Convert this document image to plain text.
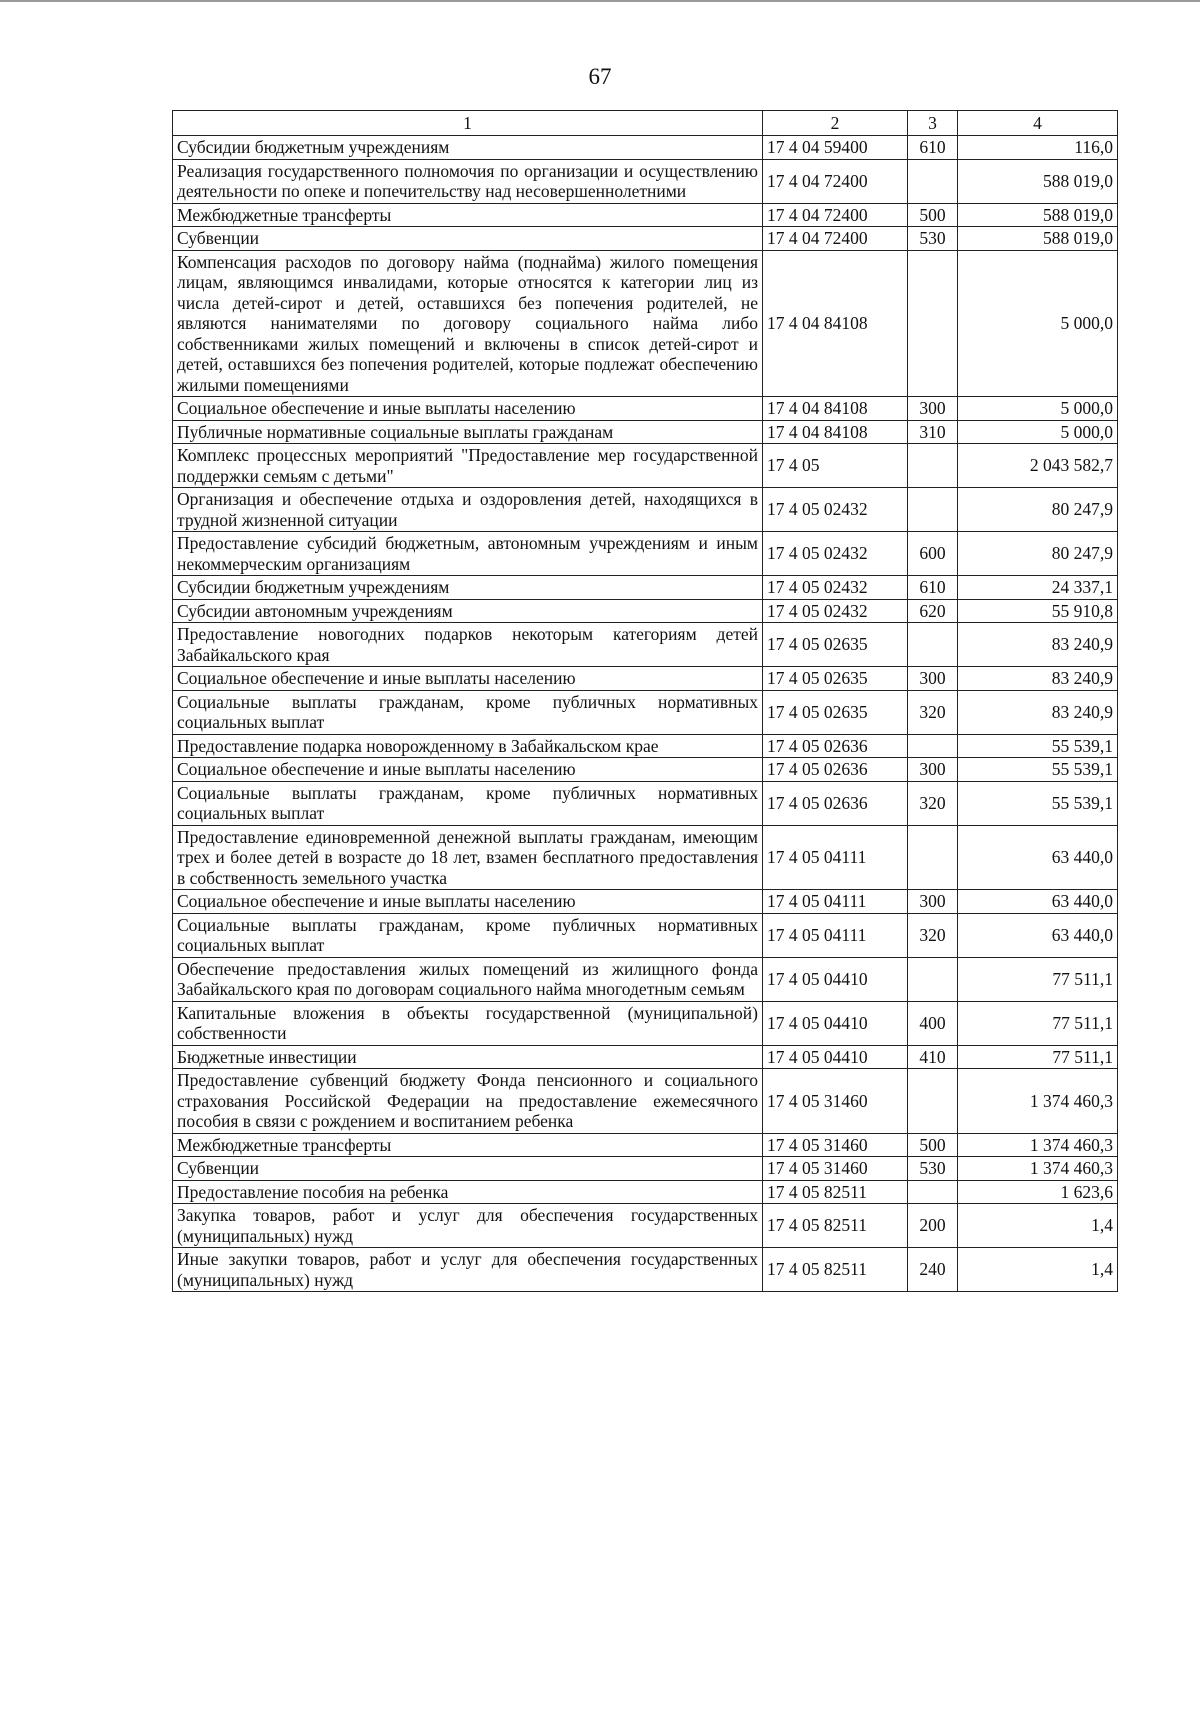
67
1	2	3	4
Субсидии бюджетным учреждениям	17 4 04 59400	610	116,0
Реализация государственного полномочия по организации и осуществлению деятельности по опеке и попечительству над несовершеннолетними	17 4 04 72400		588 019,0
Межбюджетные трансферты	17 4 04 72400	500	588 019,0
Субвенции	17 4 04 72400	530	588 019,0
Компенсация расходов по договору найма (поднайма) жилого помещения лицам, являющимся инвалидами, которые относятся к категории лиц из числа детей-сирот и детей, оставшихся без попечения родителей, не являются нанимателями по договору социального найма либо собственниками жилых помещений и включены в список детей-сирот и детей, оставшихся без попечения родителей, которые подлежат обеспечению жилыми помещениями	17 4 04 84108		5 000,0
Социальное обеспечение и иные выплаты населению	17 4 04 84108	300	5 000,0
Публичные нормативные социальные выплаты гражданам	17 4 04 84108	310	5 000,0
Комплекс процессных мероприятий "Предоставление мер государственной поддержки семьям с детьми"	17 4 05		2 043 582,7
Организация и обеспечение отдыха и оздоровления детей, находящихся в трудной жизненной ситуации	17 4 05 02432		80 247,9
Предоставление субсидий бюджетным, автономным учреждениям и иным некоммерческим организациям	17 4 05 02432	600	80 247,9
Субсидии бюджетным учреждениям	17 4 05 02432	610	24 337,1
Субсидии автономным учреждениям	17 4 05 02432	620	55 910,8
Предоставление новогодних подарков некоторым категориям детей Забайкальского края	17 4 05 02635		83 240,9
Социальное обеспечение и иные выплаты населению	17 4 05 02635	300	83 240,9
Социальные выплаты гражданам, кроме публичных нормативных социальных выплат	17 4 05 02635	320	83 240,9
Предоставление подарка новорожденному в Забайкальском крае	17 4 05 02636		55 539,1
Социальное обеспечение и иные выплаты населению	17 4 05 02636	300	55 539,1
Социальные выплаты гражданам, кроме публичных нормативных социальных выплат	17 4 05 02636	320	55 539,1
Предоставление единовременной денежной выплаты гражданам, имеющим трех и более детей в возрасте до 18 лет, взамен бесплатного предоставления в собственность земельного участка	17 4 05 04111		63 440,0
Социальное обеспечение и иные выплаты населению	17 4 05 04111	300	63 440,0
Социальные выплаты гражданам, кроме публичных нормативных социальных выплат	17 4 05 04111	320	63 440,0
Обеспечение предоставления жилых помещений из жилищного фонда Забайкальского края по договорам социального найма многодетным семьям	17 4 05 04410		77 511,1
Капитальные вложения в объекты государственной (муниципальной) собственности	17 4 05 04410	400	77 511,1
Бюджетные инвестиции	17 4 05 04410	410	77 511,1
Предоставление субвенций бюджету Фонда пенсионного и социального страхования Российской Федерации на предоставление ежемесячного пособия в связи с рождением и воспитанием ребенка	17 4 05 31460		1 374 460,3
Межбюджетные трансферты	17 4 05 31460	500	1 374 460,3
Субвенции	17 4 05 31460	530	1 374 460,3
Предоставление пособия на ребенка	17 4 05 82511		1 623,6
Закупка товаров, работ и услуг для обеспечения государственных (муниципальных) нужд	17 4 05 82511	200	1,4
Иные закупки товаров, работ и услуг для обеспечения государственных (муниципальных) нужд	17 4 05 82511	240	1,4
